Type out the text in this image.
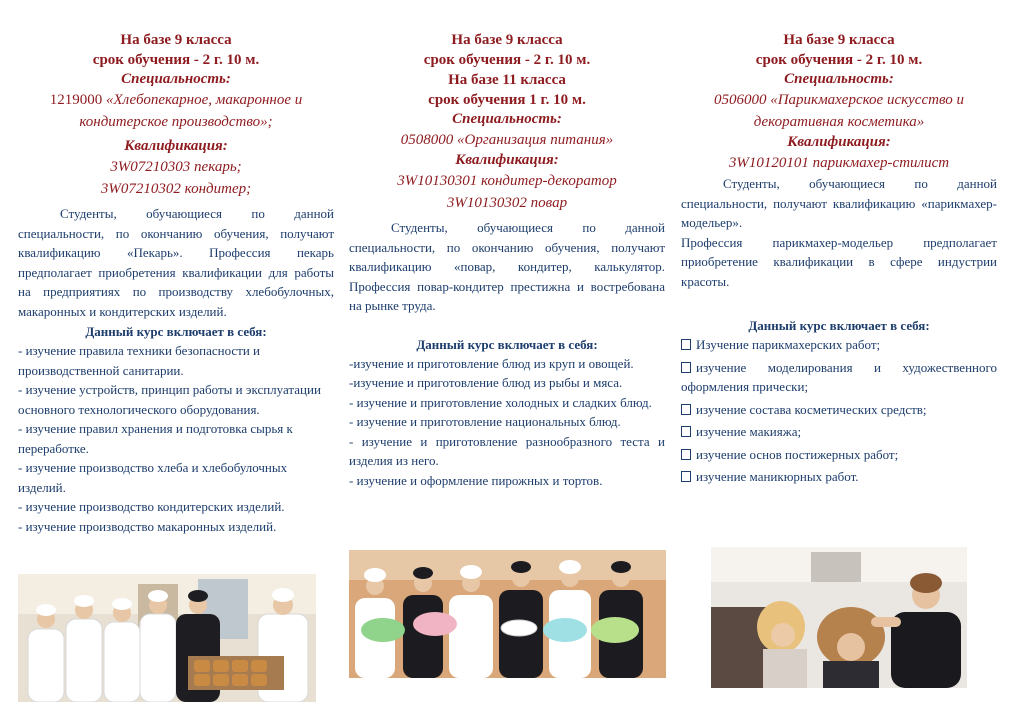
На базе 9 класса
срок обучения - 2 г. 10 м.
Специальность:
1219000 «Хлебопекарное, макаронное и
кондитерское производство»;
Квалификация:
3W07210303 пекарь;
3W07210302 кондитер;

Студенты, обучающиеся по данной специальности, по окончанию обучения, получают квалификацию «Пекарь». Профессия пекарь предполагает приобретения квалификации для работы на предприятиях по производству хлебобулочных, макаронных и кондитерских изделий.

Данный курс включает в себя:
- изучение правила техники безопасности и производственной санитарии.
- изучение устройств, принцип работы и эксплуатации основного технологического оборудования.
- изучение правил хранения и подготовка сырья к переработке.
- изучение производство хлеба и хлебобулочных изделий.
- изучение производство кондитерских изделий.
- изучение производство макаронных изделий.
На базе 9 класса
срок обучения - 2 г. 10 м.
На базе 11 класса
срок обучения 1 г. 10 м.
Специальность:
0508000 «Организация питания»
Квалификация:
3W10130301 кондитер-декоратор
3W10130302 повар

Студенты, обучающиеся по данной специальности, по окончанию обучения, получают квалификацию «повар, кондитер, калькулятор. Профессия повар-кондитер престижна и востребована на рынке труда.

Данный курс включает в себя:
-изучение и приготовление блюд из круп и овощей.
-изучение и приготовление блюд из рыбы и мяса.
- изучение и приготовление холодных и сладких блюд.
- изучение и приготовление национальных блюд.
- изучение и приготовление разнообразного теста и изделия из него.
- изучение и оформление пирожных и тортов.
На базе 9 класса
срок обучения - 2 г. 10 м.
Специальность:
0506000 «Парикмахерское искусство и
декоративная косметика»
Квалификация:
3W10120101 парикмахер-стилист

Студенты, обучающиеся по данной специальности, получают квалификацию «парикмахер-модельер».

Профессия парикмахер-модельер предполагает приобретение квалификации в сфере индустрии красоты.

Данный курс включает в себя:
Изучение парикмахерских работ;
изучение моделирования и художественного оформления прически;
изучение состава косметических средств;
изучение макияжа;
изучение основ постижерных работ;
изучение маникюрных работ.
